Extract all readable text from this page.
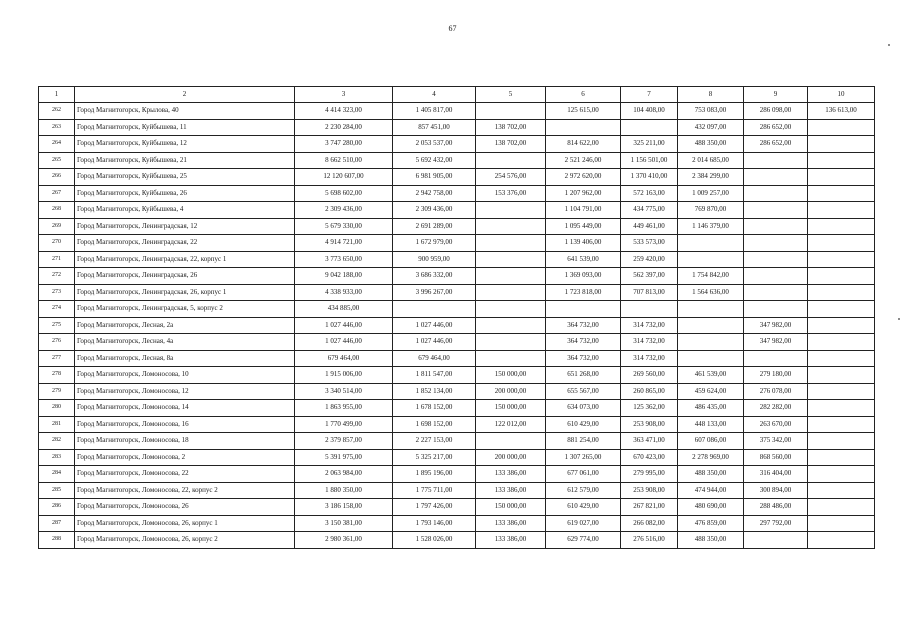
67
1	2	3	4	5	6	7	8	9	10
262	Город Магнитогорск, Крылова, 40	4 414 323,00	1 405 817,00		125 615,00	104 408,00	753 083,00	286 098,00	136 613,00
263	Город Магнитогорск, Куйбышева, 11	2 230 284,00	857 451,00	138 702,00			432 097,00	286 652,00	
264	Город Магнитогорск, Куйбышева, 12	3 747 280,00	2 053 537,00	138 702,00	814 622,00	325 211,00	488 350,00	286 652,00	
265	Город Магнитогорск, Куйбышева, 21	8 662 510,00	5 692 432,00		2 521 246,00	1 156 501,00	2 014 685,00		
266	Город Магнитогорск, Куйбышева, 25	12 120 607,00	6 981 905,00	254 576,00	2 972 620,00	1 370 410,00	2 384 299,00		
267	Город Магнитогорск, Куйбышева, 26	5 698 602,00	2 942 758,00	153 376,00	1 207 962,00	572 163,00	1 009 257,00		
268	Город Магнитогорск, Куйбышева, 4	2 309 436,00	2 309 436,00		1 104 791,00	434 775,00	769 870,00		
269	Город Магнитогорск, Ленинградская, 12	5 679 330,00	2 691 289,00		1 095 449,00	449 461,00	1 146 379,00		
270	Город Магнитогорск, Ленинградская, 22	4 914 721,00	1 672 979,00		1 139 406,00	533 573,00			
271	Город Магнитогорск, Ленинградская, 22, корпус 1	3 773 650,00	900 959,00		641 539,00	259 420,00			
272	Город Магнитогорск, Ленинградская, 26	9 042 188,00	3 686 332,00		1 369 093,00	562 397,00	1 754 842,00		
273	Город Магнитогорск, Ленинградская, 26, корпус 1	4 338 933,00	3 996 267,00		1 723 818,00	707 813,00	1 564 636,00		
274	Город Магнитогорск, Ленинградская, 5, корпус 2	434 885,00							
275	Город Магнитогорск, Лесная, 2а	1 027 446,00	1 027 446,00		364 732,00	314 732,00		347 982,00	
276	Город Магнитогорск, Лесная, 4а	1 027 446,00	1 027 446,00		364 732,00	314 732,00		347 982,00	
277	Город Магнитогорск, Лесная, 8а	679 464,00	679 464,00		364 732,00	314 732,00			
278	Город Магнитогорск, Ломоносова, 10	1 915 006,00	1 811 547,00	150 000,00	651 268,00	269 560,00	461 539,00	279 180,00	
279	Город Магнитогорск, Ломоносова, 12	3 340 514,00	1 852 134,00	200 000,00	655 567,00	260 865,00	459 624,00	276 078,00	
280	Город Магнитогорск, Ломоносова, 14	1 863 955,00	1 678 152,00	150 000,00	634 073,00	125 362,00	486 435,00	282 282,00	
281	Город Магнитогорск, Ломоносова, 16	1 770 499,00	1 698 152,00	122 012,00	610 429,00	253 908,00	448 133,00	263 670,00	
282	Город Магнитогорск, Ломоносова, 18	2 379 857,00	2 227 153,00		881 254,00	363 471,00	607 086,00	375 342,00	
283	Город Магнитогорск, Ломоносова, 2	5 391 975,00	5 325 217,00	200 000,00	1 307 265,00	670 423,00	2 278 969,00	868 560,00	
284	Город Магнитогорск, Ломоносова, 22	2 063 984,00	1 895 196,00	133 386,00	677 061,00	279 995,00	488 350,00	316 404,00	
285	Город Магнитогорск, Ломоносова, 22, корпус 2	1 880 350,00	1 775 711,00	133 386,00	612 579,00	253 908,00	474 944,00	300 894,00	
286	Город Магнитогорск, Ломоносова, 26	3 186 158,00	1 797 426,00	150 000,00	610 429,00	267 821,00	480 690,00	288 486,00	
287	Город Магнитогорск, Ломоносова, 26, корпус 1	3 150 381,00	1 793 146,00	133 386,00	619 027,00	266 082,00	476 859,00	297 792,00	
288	Город Магнитогорск, Ломоносова, 26, корпус 2	2 980 361,00	1 528 026,00	133 386,00	629 774,00	276 516,00	488 350,00		
